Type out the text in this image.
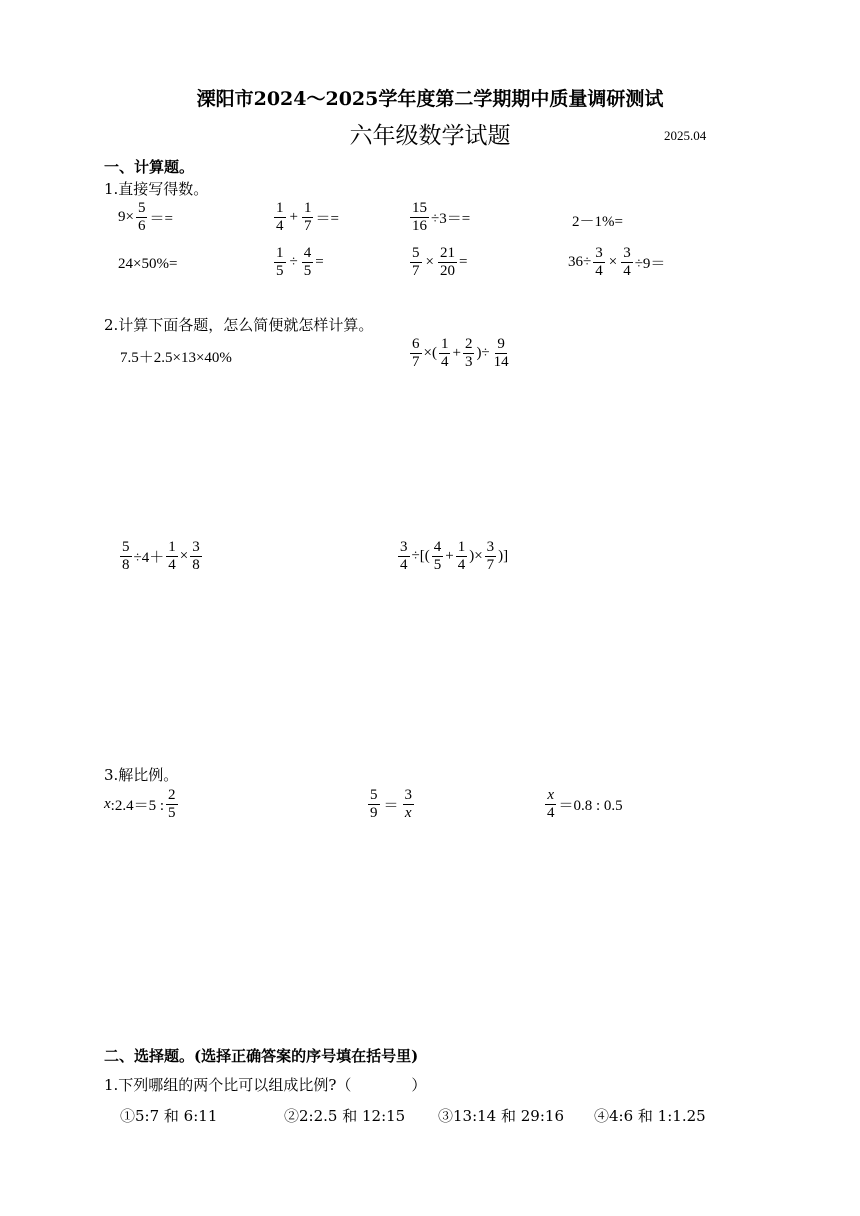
溧阳市2024～2025学年度第二学期期中质量调研测试
六年级数学试题	2025.04
一、计算题。
1.直接写得数。
$9\times \frac{5}{6}$ ＝=	$\frac{1}{4} + \frac{1}{7}$ ＝=	$\frac{15}{16} \div 3==$	2－1%=
24×50%=	$\frac{1}{5} \div \frac{4}{5}$ =	$\frac{5}{7} \times \frac{21}{20}$ =	$36\div \frac{3}{4} \times \frac{3}{4} \div 9=$
2.计算下面各题，怎么简便就怎样计算。
7.5＋2.5×13×40%	$\frac{6}{7}$ ×( $\frac{1}{4} + \frac{2}{3}$ )÷ $\frac{9}{14}$
$\frac{5}{8} \div 4+ \frac{1}{4} \times \frac{3}{8}$	$\frac{3}{4}$ ÷[( $\frac{4}{5} + \frac{1}{4}$ )× $\frac{3}{7}$ )]
3.解比例。
x :2.4＝5 : $\frac{2}{5}$	$\frac{5}{9} = \frac{3}{x}$	$\frac{x}{4} =0.8$ : 0.5
二、选择题。(选择正确答案的序号填在括号里)
1.下列哪组的两个比可以组成比例?（　　　　）
①5:7 和 6:11	②2:2.5 和 12:15 ③13:14 和 29:16 ④4:6 和 1:1.25
